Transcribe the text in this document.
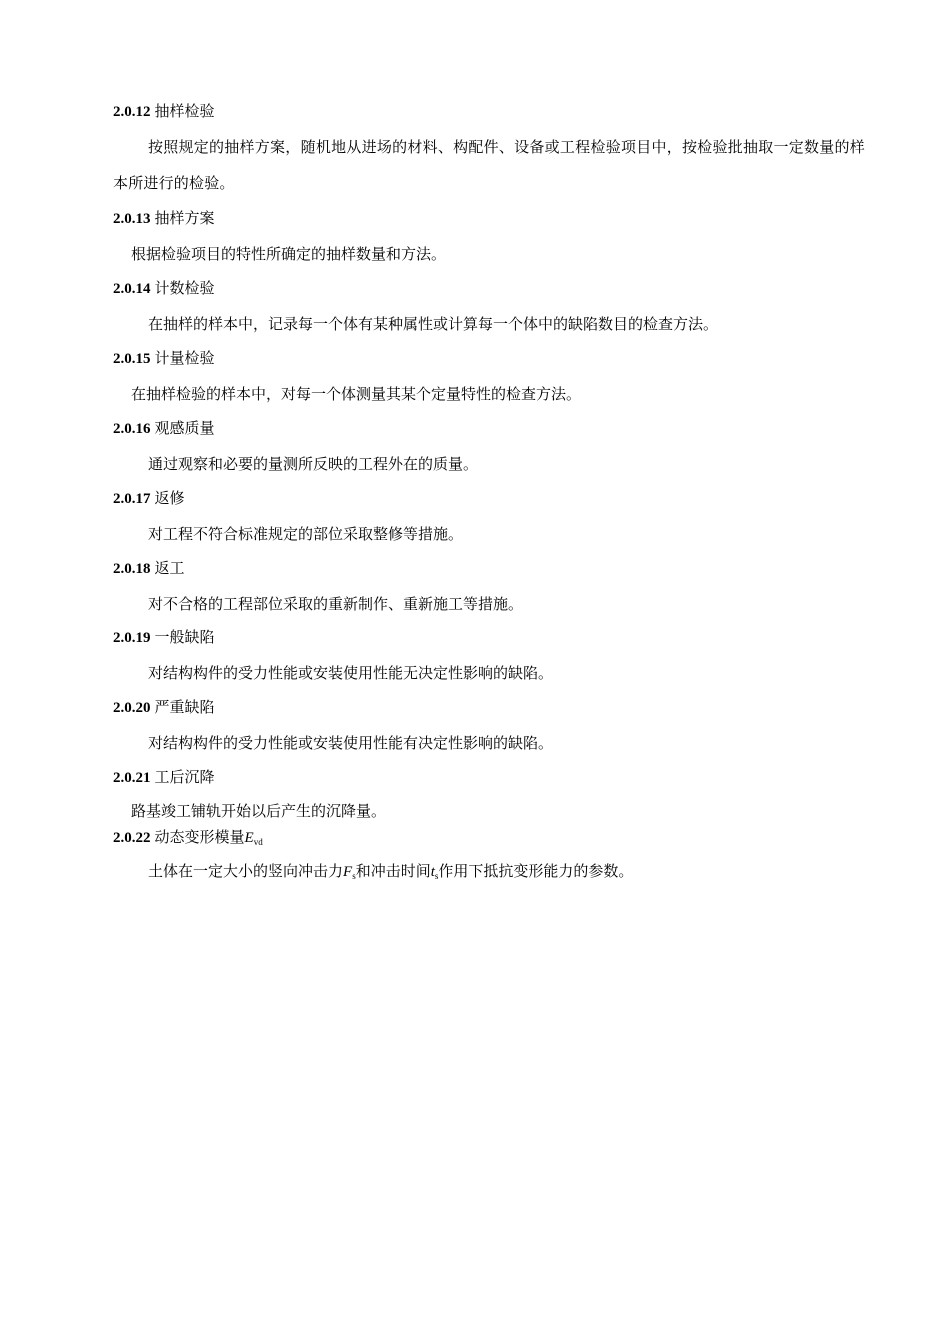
2.0.12 抽样检验
按照规定的抽样方案，随机地从进场的材料、构配件、设备或工程检验项目中，按检验批抽取一定数量的样本所进行的检验。
2.0.13 抽样方案
根据检验项目的特性所确定的抽样数量和方法。
2.0.14 计数检验
在抽样的样本中，记录每一个体有某种属性或计算每一个体中的缺陷数目的检查方法。
2.0.15 计量检验
在抽样检验的样本中，对每一个体测量其某个定量特性的检查方法。
2.0.16 观感质量
通过观察和必要的量测所反映的工程外在的质量。
2.0.17 返修
对工程不符合标准规定的部位采取整修等措施。
2.0.18 返工
对不合格的工程部位采取的重新制作、重新施工等措施。
2.0.19 一般缺陷
对结构构件的受力性能或安装使用性能无决定性影响的缺陷。
2.0.20 严重缺陷
对结构构件的受力性能或安装使用性能有决定性影响的缺陷。
2.0.21 工后沉降
路基竣工铺轨开始以后产生的沉降量。
2.0.22 动态变形模量$E_{vd}$
土体在一定大小的竖向冲击力$F_s$和冲击时间$t_s$作用下抵抗变形能力的参数。
